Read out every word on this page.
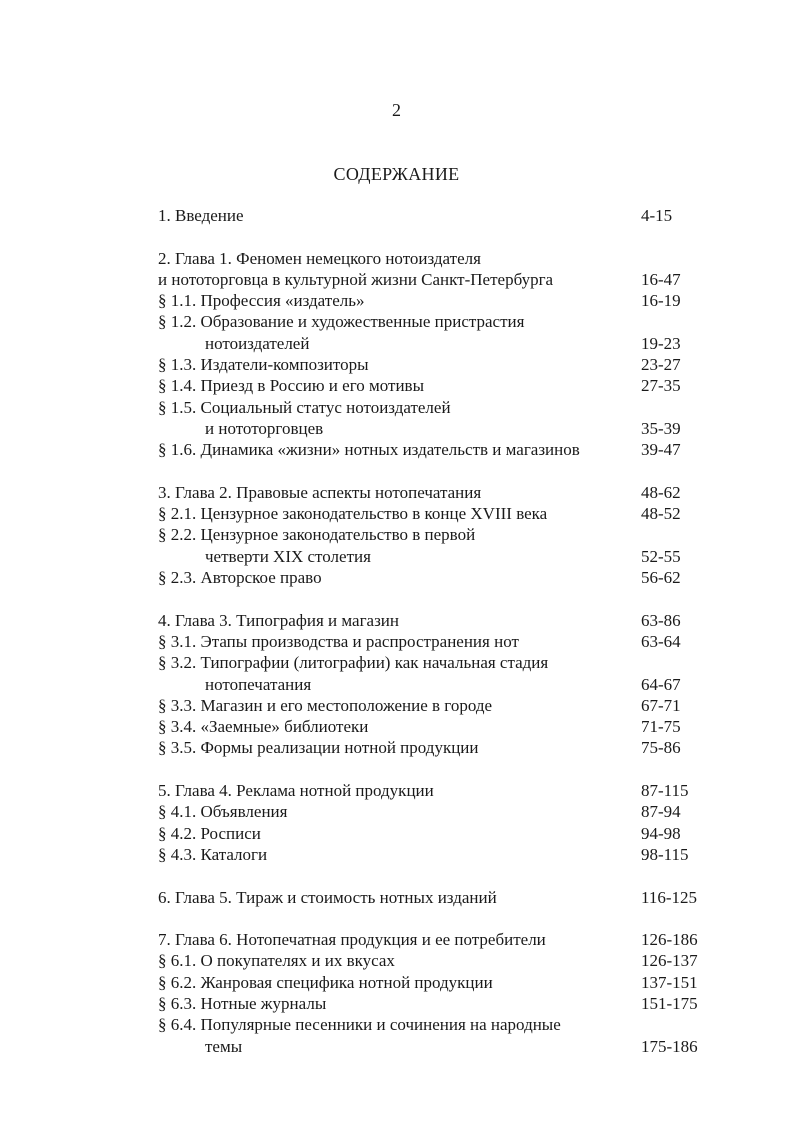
2
СОДЕРЖАНИЕ
1. Введение	4-15
2. Глава 1. Феномен немецкого нотоиздателя
и нототорговца в культурной жизни Санкт-Петербурга	16-47
§ 1.1. Профессия «издатель»	16-19
§ 1.2. Образование и художественные пристрастия
нотоиздателей	19-23
§ 1.3. Издатели-композиторы	23-27
§ 1.4. Приезд в Россию и его мотивы	27-35
§ 1.5. Социальный статус нотоиздателей
и нототорговцев	35-39
§ 1.6. Динамика «жизни» нотных издательств и магазинов	39-47
3. Глава 2. Правовые аспекты нотопечатания	48-62
§ 2.1. Цензурное законодательство в конце XVIII века	48-52
§ 2.2. Цензурное законодательство в первой
четверти XIX столетия	52-55
§ 2.3. Авторское право	56-62
4. Глава 3. Типография и магазин	63-86
§ 3.1. Этапы производства и распространения нот	63-64
§ 3.2. Типографии (литографии) как начальная стадия
нотопечатания	64-67
§ 3.3. Магазин и его местоположение в городе	67-71
§ 3.4. «Заемные» библиотеки	71-75
§ 3.5. Формы реализации нотной продукции	75-86
5. Глава 4. Реклама нотной продукции	87-115
§ 4.1. Объявления	87-94
§ 4.2. Росписи	94-98
§ 4.3. Каталоги	98-115
6. Глава 5. Тираж и стоимость нотных изданий	116-125
7. Глава 6. Нотопечатная продукция и ее потребители	126-186
§ 6.1. О покупателях и их вкусах	126-137
§ 6.2. Жанровая специфика нотной продукции	137-151
§ 6.3. Нотные журналы	151-175
§ 6.4. Популярные песенники и сочинения на народные
темы	175-186
